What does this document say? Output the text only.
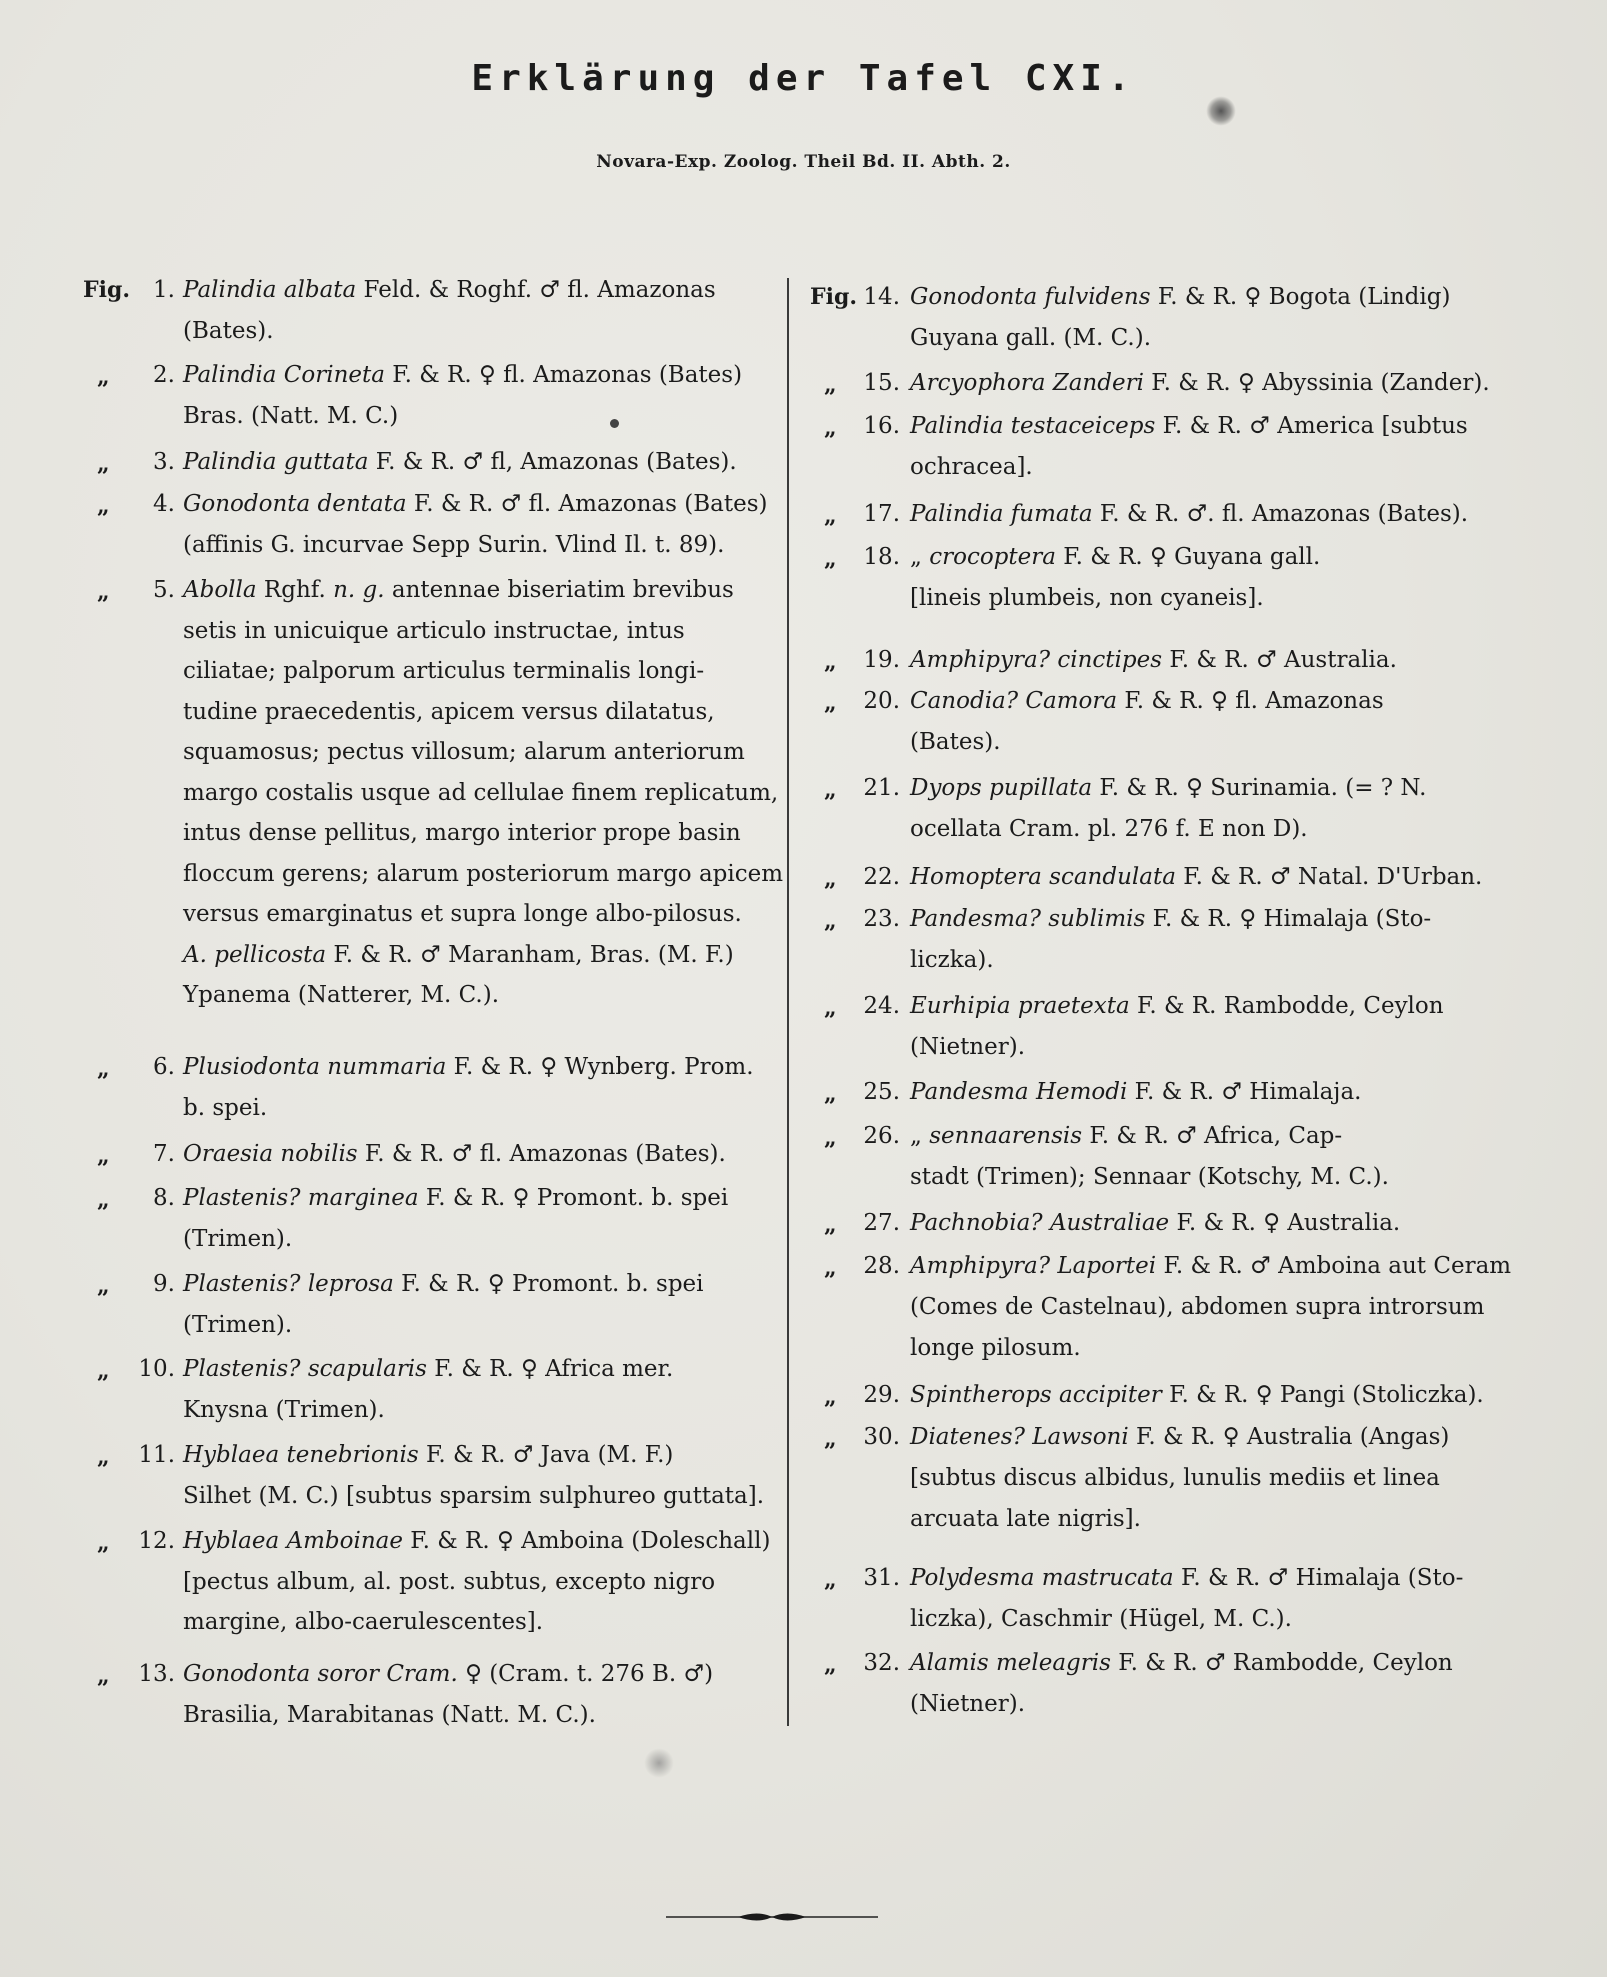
Erklärung der Tafel CXI.
Novara-Exp. Zoolog. Theil Bd. II. Abth. 2.
Fig.	1. Palindia albata Feld. & Roghf. ♂ fl. Amazonas
(Bates).
„	2. Palindia Corineta F. & R. ♀ fl. Amazonas (Bates)
Bras. (Natt. M. C.)
„	3. Palindia guttata F. & R. ♂ fl, Amazonas (Bates).
„	4. Gonodonta dentata F. & R. ♂ fl. Amazonas (Bates)
(affinis G. incurvae Sepp Surin. Vlind Il. t. 89).
„	5. Abolla Rghf. n. g. antennae biseriatim brevibus
setis in unicuique articulo instructae, intus
ciliatae; palporum articulus terminalis longi-
tudine praecedentis, apicem versus dilatatus,
squamosus; pectus villosum; alarum anteriorum
margo costalis usque ad cellulae finem replicatum,
intus dense pellitus, margo interior prope basin
floccum gerens; alarum posteriorum margo apicem
versus emarginatus et supra longe albo-pilosus.
A. pellicosta F. & R. ♂ Maranham, Bras. (M. F.)
Ypanema (Natterer, M. C.).
„	6. Plusiodonta nummaria F. & R. ♀ Wynberg. Prom.
b. spei.
„	7. Oraesia nobilis F. & R. ♂ fl. Amazonas (Bates).
„	8. Plastenis? marginea F. & R. ♀ Promont. b. spei
(Trimen).
„	9. Plastenis? leprosa F. & R. ♀ Promont. b. spei
(Trimen).
„	10. Plastenis? scapularis F. & R. ♀ Africa mer.
Knysna (Trimen).
„	11. Hyblaea tenebrionis F. & R. ♂ Java (M. F.)
Silhet (M. C.) [subtus sparsim sulphureo guttata].
„	12. Hyblaea Amboinae F. & R. ♀ Amboina (Doleschall)
[pectus album, al. post. subtus, excepto nigro
margine, albo-caerulescentes].
„	13. Gonodonta soror Cram. ♀ (Cram. t. 276 B. ♂)
Brasilia, Marabitanas (Natt. M. C.).
Fig. 14. Gonodonta fulvidens F. & R. ♀ Bogota (Lindig)
Guyana gall. (M. C.).
„	15. Arcyophora Zanderi F. & R. ♀ Abyssinia (Zander).
„	16. Palindia testaceiceps F. & R. ♂ America [subtus
ochracea].
„	17. Palindia fumata F. & R. ♂. fl. Amazonas (Bates).
„	18. „ crocoptera F. & R. ♀ Guyana gall.
[lineis plumbeis, non cyaneis].
„	19. Amphipyra? cinctipes F. & R. ♂ Australia.
„	20. Canodia? Camora F. & R. ♀ fl. Amazonas
(Bates).
„	21. Dyops pupillata F. & R. ♀ Surinamia. (= ? N.
ocellata Cram. pl. 276 f. E non D).
„	22. Homoptera scandulata F. & R. ♂ Natal. D'Urban.
„	23. Pandesma? sublimis F. & R. ♀ Himalaja (Sto-
liczka).
„	24. Eurhipia praetexta F. & R. Rambodde, Ceylon
(Nietner).
„	25. Pandesma Hemodi F. & R. ♂ Himalaja.
„	26. „ sennaarensis F. & R. ♂ Africa, Cap-
stadt (Trimen); Sennaar (Kotschy, M. C.).
„	27. Pachnobia? Australiae F. & R. ♀ Australia.
„	28. Amphipyra? Laportei F. & R. ♂ Amboina aut Ceram
(Comes de Castelnau), abdomen supra introrsum
longe pilosum.
„	29. Spintherops accipiter F. & R. ♀ Pangi (Stoliczka).
„	30. Diatenes? Lawsoni F. & R. ♀ Australia (Angas)
[subtus discus albidus, lunulis mediis et linea
arcuata late nigris].
„	31. Polydesma mastrucata F. & R. ♂ Himalaja (Sto-
liczka), Caschmir (Hügel, M. C.).
„	32. Alamis meleagris F. & R. ♂ Rambodde, Ceylon
(Nietner).
